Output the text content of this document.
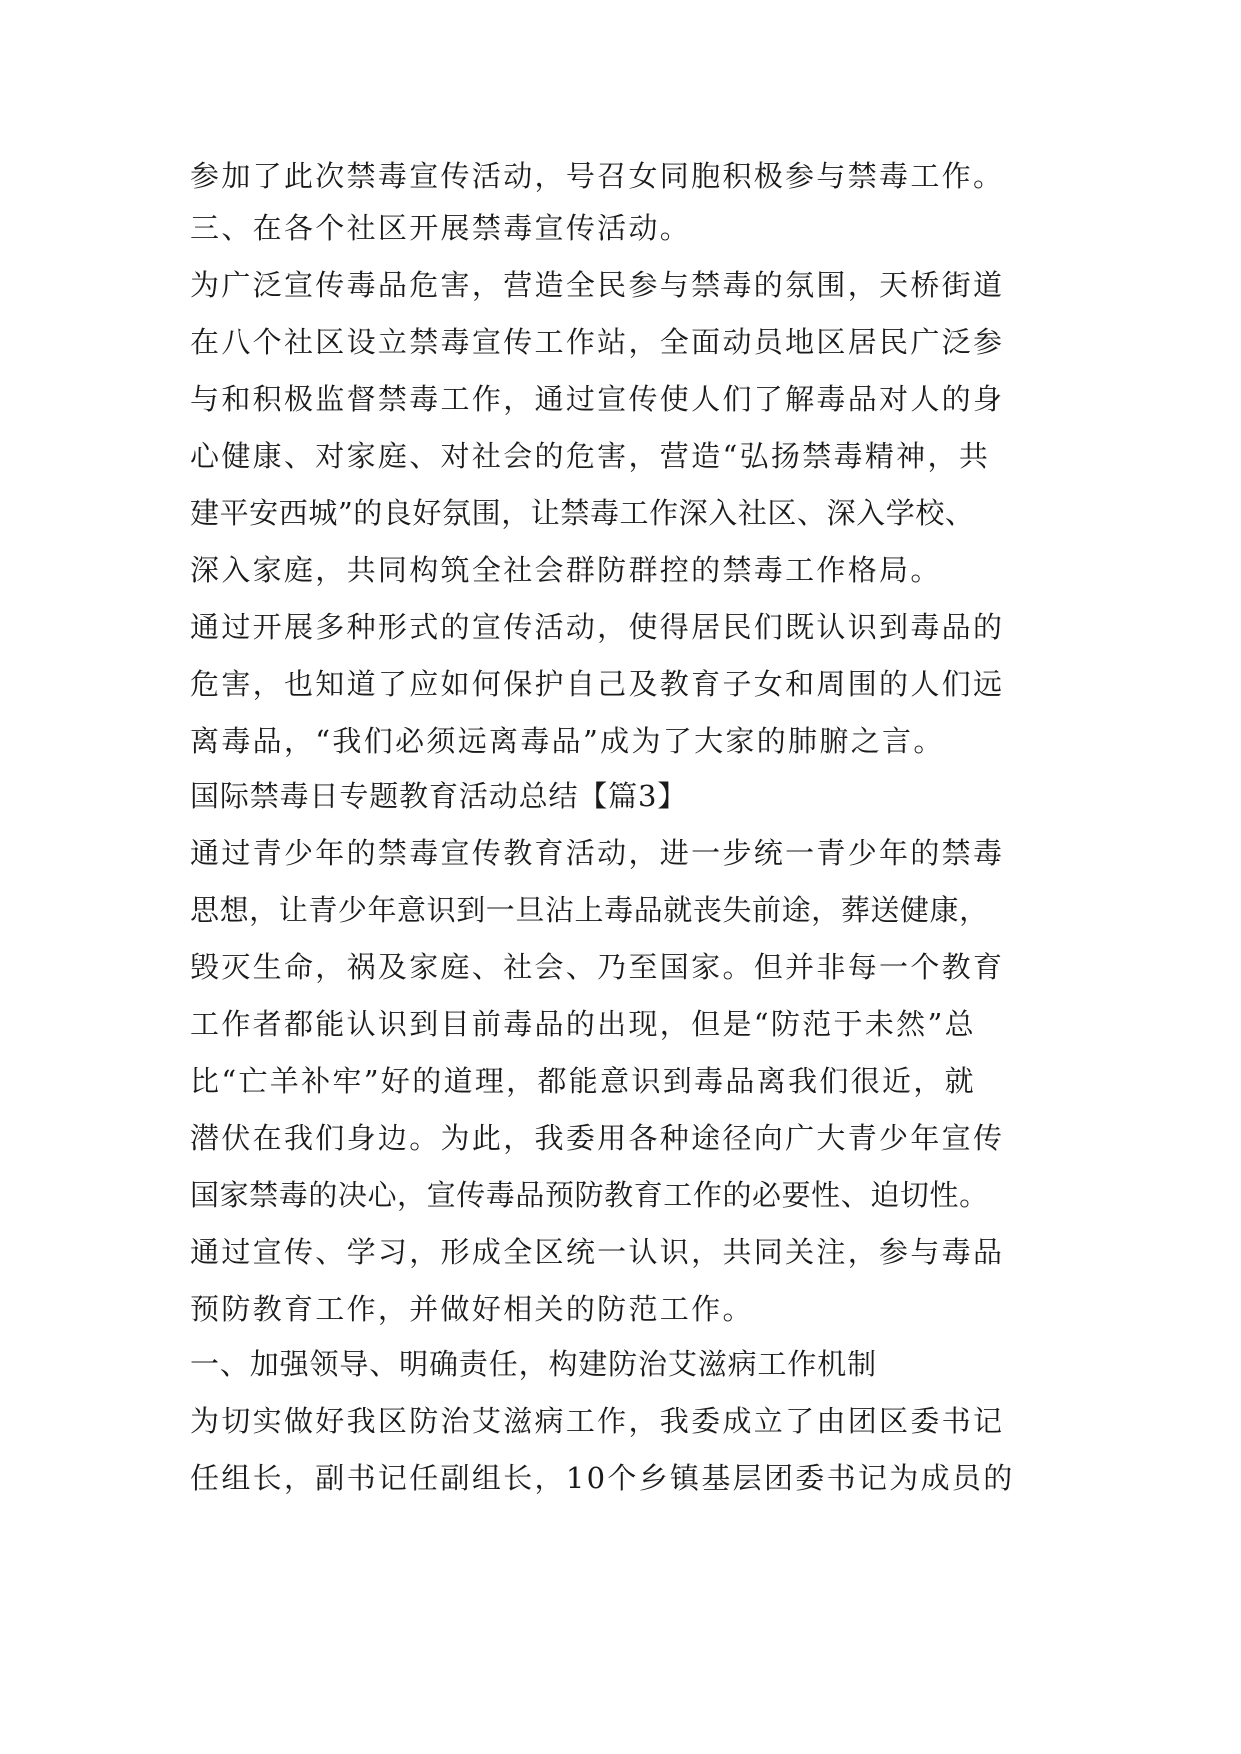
参加了此次禁毒宣传活动，号召女同胞积极参与禁毒工作。
三、在各个社区开展禁毒宣传活动。
为广泛宣传毒品危害，营造全民参与禁毒的氛围，天桥街道
在八个社区设立禁毒宣传工作站，全面动员地区居民广泛参
与和积极监督禁毒工作，通过宣传使人们了解毒品对人的身
心健康、对家庭、对社会的危害，营造“弘扬禁毒精神，共
建平安西城”的良好氛围，让禁毒工作深入社区、深入学校、
深入家庭，共同构筑全社会群防群控的禁毒工作格局。
通过开展多种形式的宣传活动，使得居民们既认识到毒品的
危害，也知道了应如何保护自己及教育子女和周围的人们远
离毒品，“我们必须远离毒品”成为了大家的肺腑之言。
国际禁毒日专题教育活动总结【篇3】
通过青少年的禁毒宣传教育活动，进一步统一青少年的禁毒
思想，让青少年意识到一旦沾上毒品就丧失前途，葬送健康，
毁灭生命，祸及家庭、社会、乃至国家。但并非每一个教育
工作者都能认识到目前毒品的出现，但是“防范于未然”总
比“亡羊补牢”好的道理，都能意识到毒品离我们很近，就
潜伏在我们身边。为此，我委用各种途径向广大青少年宣传
国家禁毒的决心，宣传毒品预防教育工作的必要性、迫切性。
通过宣传、学习，形成全区统一认识，共同关注，参与毒品
预防教育工作，并做好相关的防范工作。
一、加强领导、明确责任，构建防治艾滋病工作机制
为切实做好我区防治艾滋病工作，我委成立了由团区委书记
任组长，副书记任副组长，10个乡镇基层团委书记为成员的
